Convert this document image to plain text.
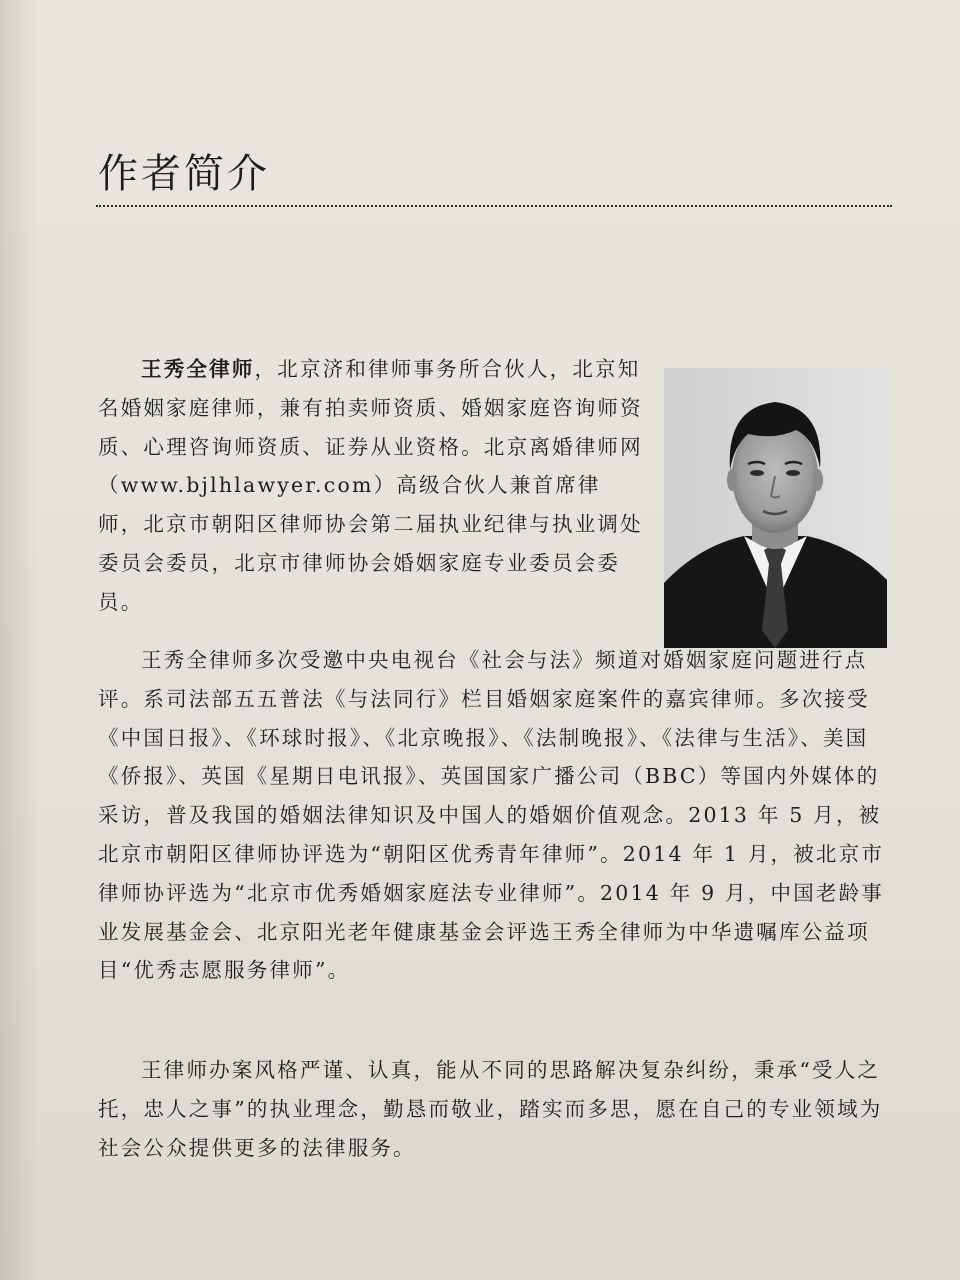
作者简介

王秀全律师，北京济和律师事务所合伙人，北京知名婚姻家庭律师，兼有拍卖师资质、婚姻家庭咨询师资质、心理咨询师资质、证券从业资格。北京离婚律师网（www.bjlhlawyer.com）高级合伙人兼首席律师，北京市朝阳区律师协会第二届执业纪律与执业调处委员会委员，北京市律师协会婚姻家庭专业委员会委员。

王秀全律师多次受邀中央电视台《社会与法》频道对婚姻家庭问题进行点评。系司法部五五普法《与法同行》栏目婚姻家庭案件的嘉宾律师。多次接受《中国日报》、《环球时报》、《北京晚报》、《法制晚报》、《法律与生活》、美国《侨报》、英国《星期日电讯报》、英国国家广播公司（BBC）等国内外媒体的采访，普及我国的婚姻法律知识及中国人的婚姻价值观念。2013 年 5 月，被北京市朝阳区律师协评选为“朝阳区优秀青年律师”。2014 年 1 月，被北京市律师协评选为“北京市优秀婚姻家庭法专业律师”。2014 年 9 月，中国老龄事业发展基金会、北京阳光老年健康基金会评选王秀全律师为中华遗嘱库公益项目“优秀志愿服务律师”。

王律师办案风格严谨、认真，能从不同的思路解决复杂纠纷，秉承“受人之托，忠人之事”的执业理念，勤恳而敬业，踏实而多思，愿在自己的专业领域为社会公众提供更多的法律服务。
